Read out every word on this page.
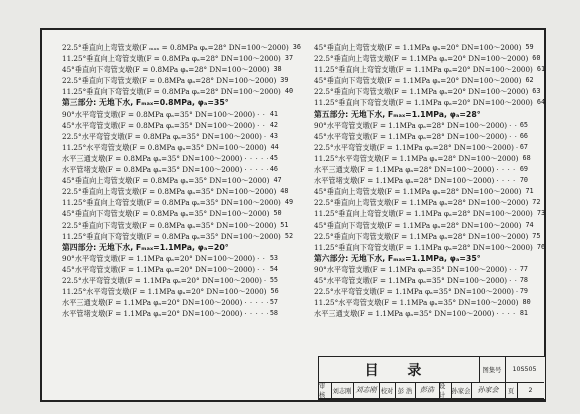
22.5°垂直向上弯管支墩(F ₘₐₓ = 0.8MPa φₐ=28° DN=100～2000) 36
11.25°垂直向上弯管支墩(F = 0.8MPa φₐ=28° DN=100～2000) 37
45°垂直向下弯管支墩(F = 0.8MPa φₐ=28° DN=100～2000) 38
22.5°垂直向下弯管支墩(F = 0.8MPa φₐ=28° DN=100～2000) 39
11.25°垂直向下弯管支墩(F = 0.8MPa φₐ=28° DN=100～2000) 40
第三部分: 无地下水, Fₘₐₓ=0.8MPa, φₐ=35°
90°水平弯管支墩(F = 0.8MPa φₐ=35° DN=100～2000) · · · 41
45°水平弯管支墩(F = 0.8MPa φₐ=35° DN=100～2000) · · · 42
22.5°水平弯管支墩(F = 0.8MPa φₐ=35° DN=100～2000) · · · 43
11.25°水平弯管支墩(F = 0.8MPa φₐ=35° DN=100～2000) 44
水平三通支墩(F = 0.8MPa φₐ=35° DN=100～2000) · · ·	45
水平管堵支墩(F = 0.8MPa φₐ=35° DN=100～2000) · · ·	46
45°垂直向上弯管支墩(F = 0.8MPa φₐ=35° DN=100～2000) 47
22.5°垂直向上弯管支墩(F = 0.8MPa φₐ=35° DN=100～2000) 48
11.25°垂直向上弯管支墩(F = 0.8MPa φₐ=35° DN=100～2000) 49
45°垂直向下弯管支墩(F = 0.8MPa φₐ=35° DN=100～2000) 50
22.5°垂直向下弯管支墩(F = 0.8MPa φₐ=35° DN=100～2000) 51
11.25°垂直向下弯管支墩(F = 0.8MPa φₐ=35° DN=100～2000) 52
第四部分: 无地下水, Fₘₐₓ=1.1MPa, φₐ=20°
90°水平弯管支墩(F = 1.1MPa φₐ=20° DN=100～2000) · · · 53
45°水平弯管支墩(F = 1.1MPa φₐ=20° DN=100～2000) · · · 54
22.5°水平弯管支墩(F = 1.1MPa φₐ=20° DN=100～2000) · · · 55
11.25°水平弯管支墩(F = 1.1MPa φₐ=20° DN=100～2000) 56
水平三通支墩(F = 1.1MPa φₐ=20° DN=100～2000) · · ·	57
水平管堵支墩(F = 1.1MPa φₐ=20° DN=100～2000) · · ·	58
45°垂直向上弯管支墩(F = 1.1MPa φₐ=20° DN=100～2000) 59
22.5°垂直向上弯管支墩(F = 1.1MPa φₐ=20° DN=100～2000) 60
11.25°垂直向上弯管支墩(F = 1.1MPa φₐ=20° DN=100～2000) 61
45°垂直向下弯管支墩(F = 1.1MPa φₐ=20° DN=100～2000) 62
22.5°垂直向下弯管支墩(F = 1.1MPa φₐ=20° DN=100～2000) 63
11.25°垂直向下弯管支墩(F = 1.1MPa φₐ=20° DN=100～2000) 64
第五部分: 无地下水, Fₘₐₓ=1.1MPa, φₐ=28°
90°水平弯管支墩(F = 1.1MPa φₐ=28° DN=100～2000) · · · 65
45°水平弯管支墩(F = 1.1MPa φₐ=28° DN=100～2000) · · · 66
22.5°水平弯管支墩(F = 1.1MPa φₐ=28° DN=100～2000) · · · 67
11.25°水平弯管支墩(F = 1.1MPa φₐ=28° DN=100～2000) 68
水平三通支墩(F = 1.1MPa φₐ=28° DN=100～2000) · · ·	69
水平管堵支墩(F = 1.1MPa φₐ=28° DN=100～2000) · · ·	70
45°垂直向上弯管支墩(F = 1.1MPa φₐ=28° DN=100～2000) 71
22.5°垂直向上弯管支墩(F = 1.1MPa φₐ=28° DN=100～2000) 72
11.25°垂直向上弯管支墩(F = 1.1MPa φₐ=28° DN=100～2000) 73
45°垂直向下弯管支墩(F = 1.1MPa φₐ=28° DN=100～2000) 74
22.5°垂直向下弯管支墩(F = 1.1MPa φₐ=28° DN=100～2000) 75
11.25°垂直向下弯管支墩(F = 1.1MPa φₐ=28° DN=100～2000) 76
第六部分: 无地下水, Fₘₐₓ=1.1MPa, φₐ=35°
90°水平弯管支墩(F = 1.1MPa φₐ=35° DN=100～2000) · · · 77
45°水平弯管支墩(F = 1.1MPa φₐ=35° DN=100～2000) · · · 78
22.5°水平弯管支墩(F = 1.1MPa φₐ=35° DN=100～2000) · · · 79
11.25°水平弯管支墩(F = 1.1MPa φₐ=35° DN=100～2000) 80
水平三通支墩(F = 1.1MPa φₐ=35° DN=100～2000) · · ·	81
目 录	图集号	10S505
审核
刘志刚 刘志刚 校对 彭 浩	彭浩 设计
孙家会	孙家会	页	2
